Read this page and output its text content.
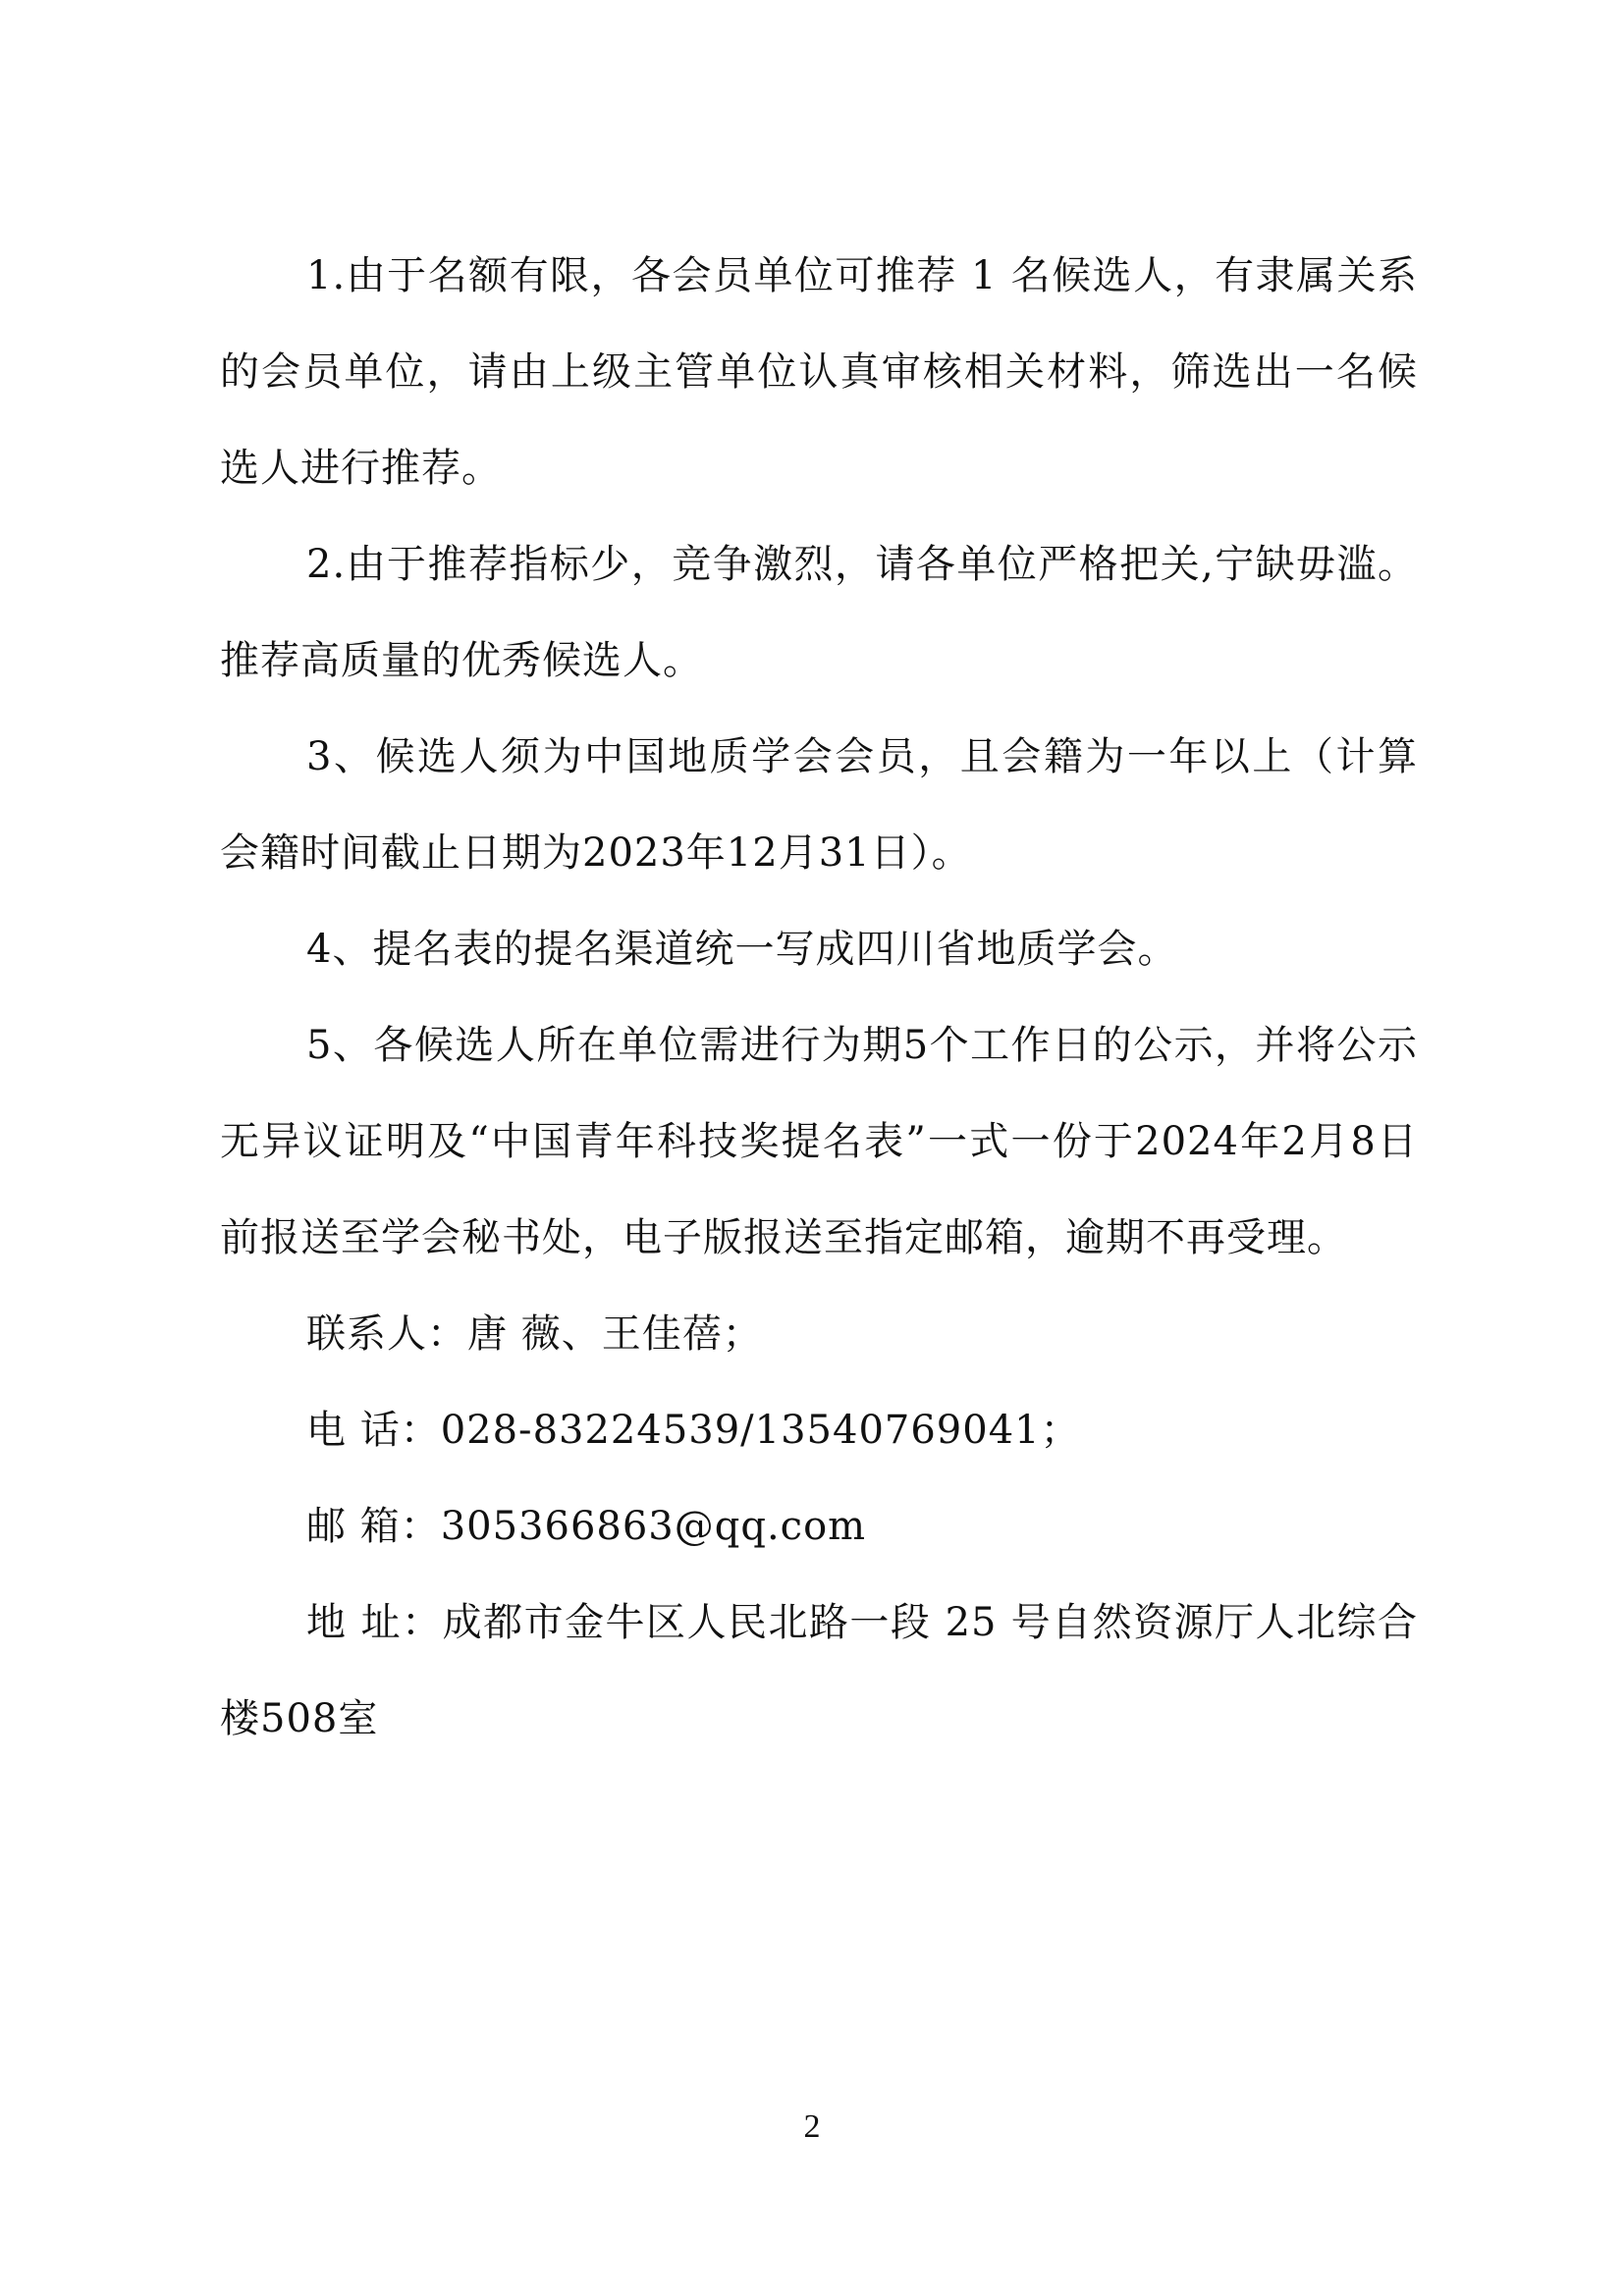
1.由于名额有限，各会员单位可推荐 1 名候选人，有隶属关系的会员单位，请由上级主管单位认真审核相关材料，筛选出一名候选人进行推荐。

2.由于推荐指标少，竞争激烈，请各单位严格把关,宁缺毋滥。推荐高质量的优秀候选人。

3、候选人须为中国地质学会会员，且会籍为一年以上（计算会籍时间截止日期为2023年12月31日）。

4、提名表的提名渠道统一写成四川省地质学会。

5、各候选人所在单位需进行为期5个工作日的公示，并将公示无异议证明及“中国青年科技奖提名表”一式一份于2024年2月8日前报送至学会秘书处，电子版报送至指定邮箱，逾期不再受理。

联系人：唐 薇、王佳蓓；

电 话：028-83224539/13540769041；

邮 箱：305366863@qq.com

地 址：成都市金牛区人民北路一段 25 号自然资源厅人北综合楼508室

2
